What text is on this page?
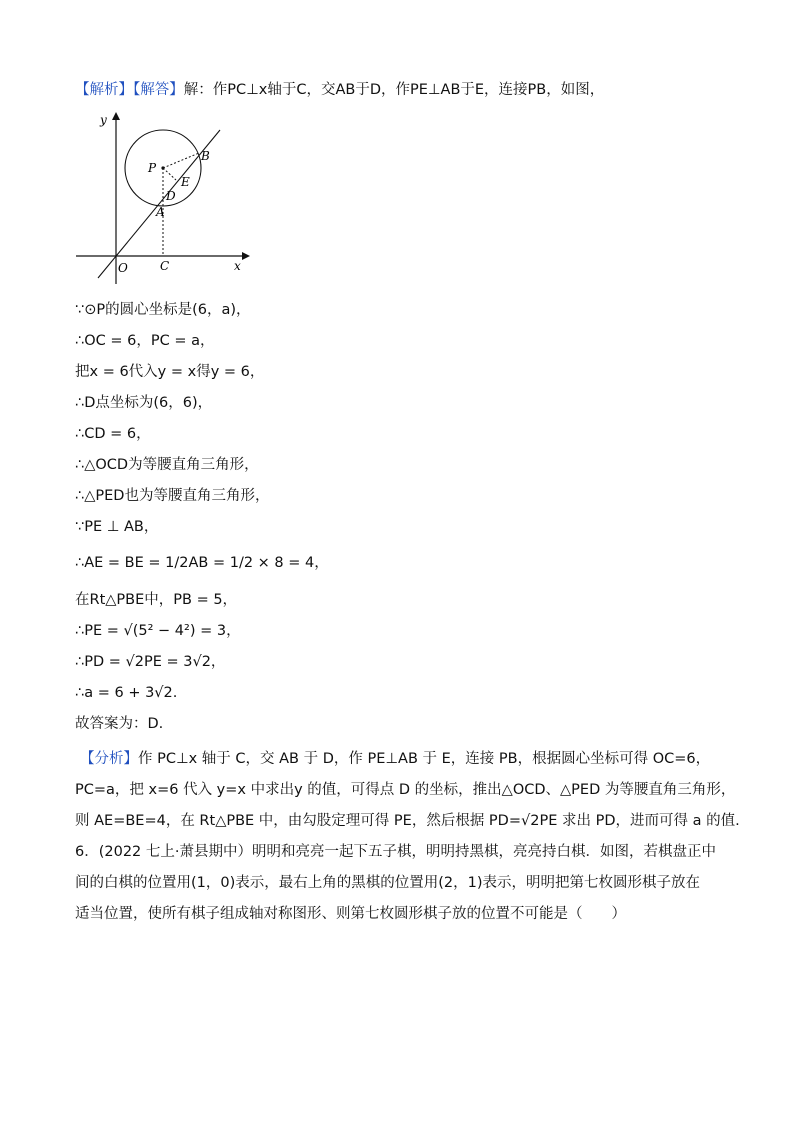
【解析】【解答】解：作PC⊥x轴于C，交AB于D，作PE⊥AB于E，连接PB，如图，
y
x
O	C
P
B
E
D
A
∵⊙P的圆心坐标是(6，a)，
∴OC = 6，PC = a，
把x = 6代入y = x得y = 6，
∴D点坐标为(6，6)，
∴CD = 6，
∴△OCD为等腰直角三角形，
∴△PED也为等腰直角三角形，
∵PE ⊥ AB，
∴AE = BE = 1/2AB = 1/2 × 8 = 4，
在Rt△PBE中，PB = 5，
∴PE = √(5² − 4²) = 3，
∴PD = √2PE = 3√2，
∴a = 6 + 3√2.
故答案为：D.
【分析】作 PC⊥x 轴于 C，交 AB 于 D，作 PE⊥AB 于 E，连接 PB，根据圆心坐标可得 OC=6，
PC=a，把 x=6 代入 y=x 中求出y 的值，可得点 D 的坐标，推出△OCD、△PED 为等腰直角三角形，
则 AE=BE=4，在 Rt△PBE 中，由勾股定理可得 PE，然后根据 PD=√2PE 求出 PD，进而可得 a 的值.
6．(2022 七上·萧县期中）明明和亮亮一起下五子棋，明明持黑棋，亮亮持白棋．如图，若棋盘正中
间的白棋的位置用(1，0)表示，最右上角的黑棋的位置用(2，1)表示，明明把第七枚圆形棋子放在
适当位置，使所有棋子组成轴对称图形、则第七枚圆形棋子放的位置不可能是（　　）
